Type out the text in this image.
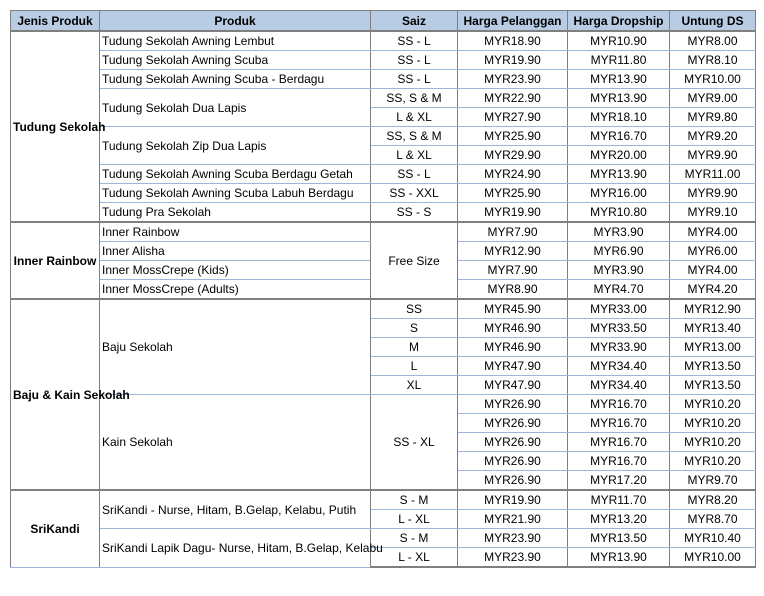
Jenis Produk	Produk	Saiz	Harga Pelanggan	Harga Dropship	Untung DS
Tudung Sekolah	Tudung Sekolah Awning Lembut	SS - L	MYR18.90	MYR10.90	MYR8.00
	Tudung Sekolah Awning Scuba	SS - L	MYR19.90	MYR11.80	MYR8.10
	Tudung Sekolah Awning Scuba - Berdagu	SS - L	MYR23.90	MYR13.90	MYR10.00
	Tudung Sekolah Dua Lapis	SS, S & M	MYR22.90	MYR13.90	MYR9.00
		L & XL	MYR27.90	MYR18.10	MYR9.80
	Tudung Sekolah Zip Dua Lapis	SS, S & M	MYR25.90	MYR16.70	MYR9.20
		L & XL	MYR29.90	MYR20.00	MYR9.90
	Tudung Sekolah Awning Scuba Berdagu Getah	SS - L	MYR24.90	MYR13.90	MYR11.00
	Tudung Sekolah Awning Scuba Labuh Berdagu	SS - XXL	MYR25.90	MYR16.00	MYR9.90
	Tudung Pra Sekolah	SS - S	MYR19.90	MYR10.80	MYR9.10
Inner Rainbow	Inner Rainbow	Free Size	MYR7.90	MYR3.90	MYR4.00
	Inner Alisha		MYR12.90	MYR6.90	MYR6.00
	Inner MossCrepe (Kids)		MYR7.90	MYR3.90	MYR4.00
	Inner MossCrepe (Adults)		MYR8.90	MYR4.70	MYR4.20
Baju & Kain Sekolah	Baju Sekolah	SS	MYR45.90	MYR33.00	MYR12.90
		S	MYR46.90	MYR33.50	MYR13.40
		M	MYR46.90	MYR33.90	MYR13.00
		L	MYR47.90	MYR34.40	MYR13.50
		XL	MYR47.90	MYR34.40	MYR13.50
	Kain Sekolah	SS - XL	MYR26.90	MYR16.70	MYR10.20
			MYR26.90	MYR16.70	MYR10.20
			MYR26.90	MYR16.70	MYR10.20
			MYR26.90	MYR16.70	MYR10.20
			MYR26.90	MYR17.20	MYR9.70
SriKandi	SriKandi - Nurse, Hitam, B.Gelap, Kelabu, Putih	S - M	MYR19.90	MYR11.70	MYR8.20
		L - XL	MYR21.90	MYR13.20	MYR8.70
	SriKandi Lapik Dagu- Nurse, Hitam, B.Gelap, Kelabu	S - M	MYR23.90	MYR13.50	MYR10.40
		L - XL	MYR23.90	MYR13.90	MYR10.00
